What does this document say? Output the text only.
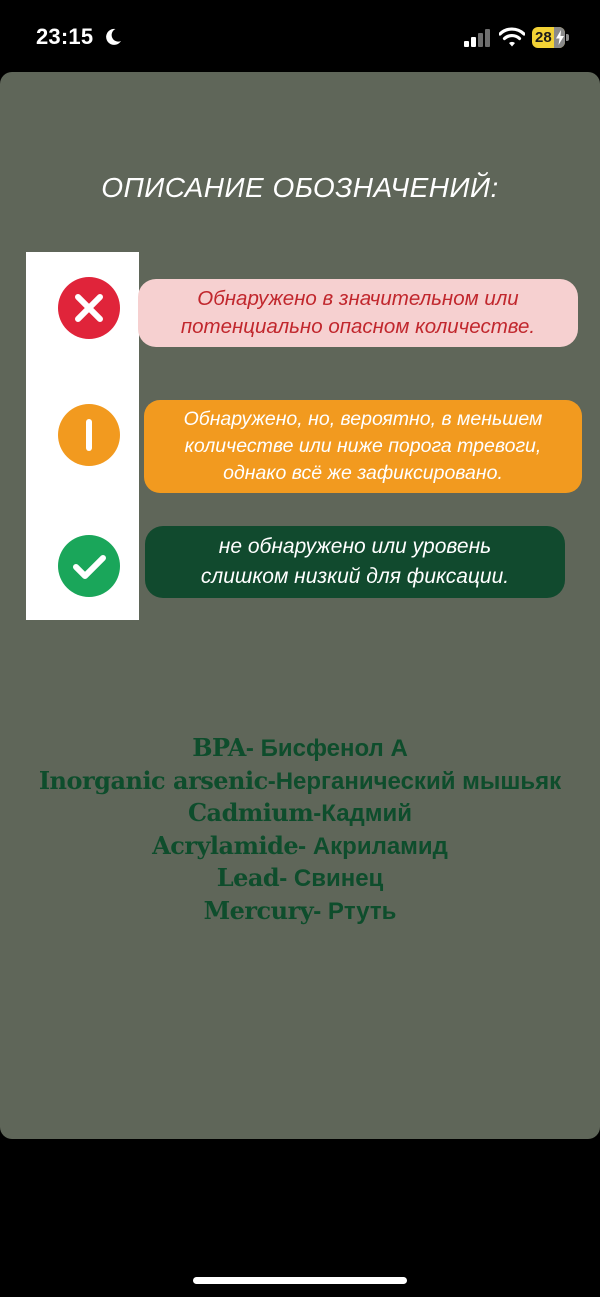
23:15	28
ОПИСАНИЕ ОБОЗНАЧЕНИЙ:
Обнаружено в значительном или
потенциально опасном количестве.
Обнаружено, но, вероятно, в меньшем
количестве или ниже порога тревоги,
однако всё же зафиксировано.
не обнаружено или уровень
слишком низкий для фиксации.
BPA- Бисфенол А
Inorganic arsenic-Нерганический мышьяк
Cadmium-Кадмий
Acrylamide- Акриламид
Lead- Свинец
Mercury- Ртуть
